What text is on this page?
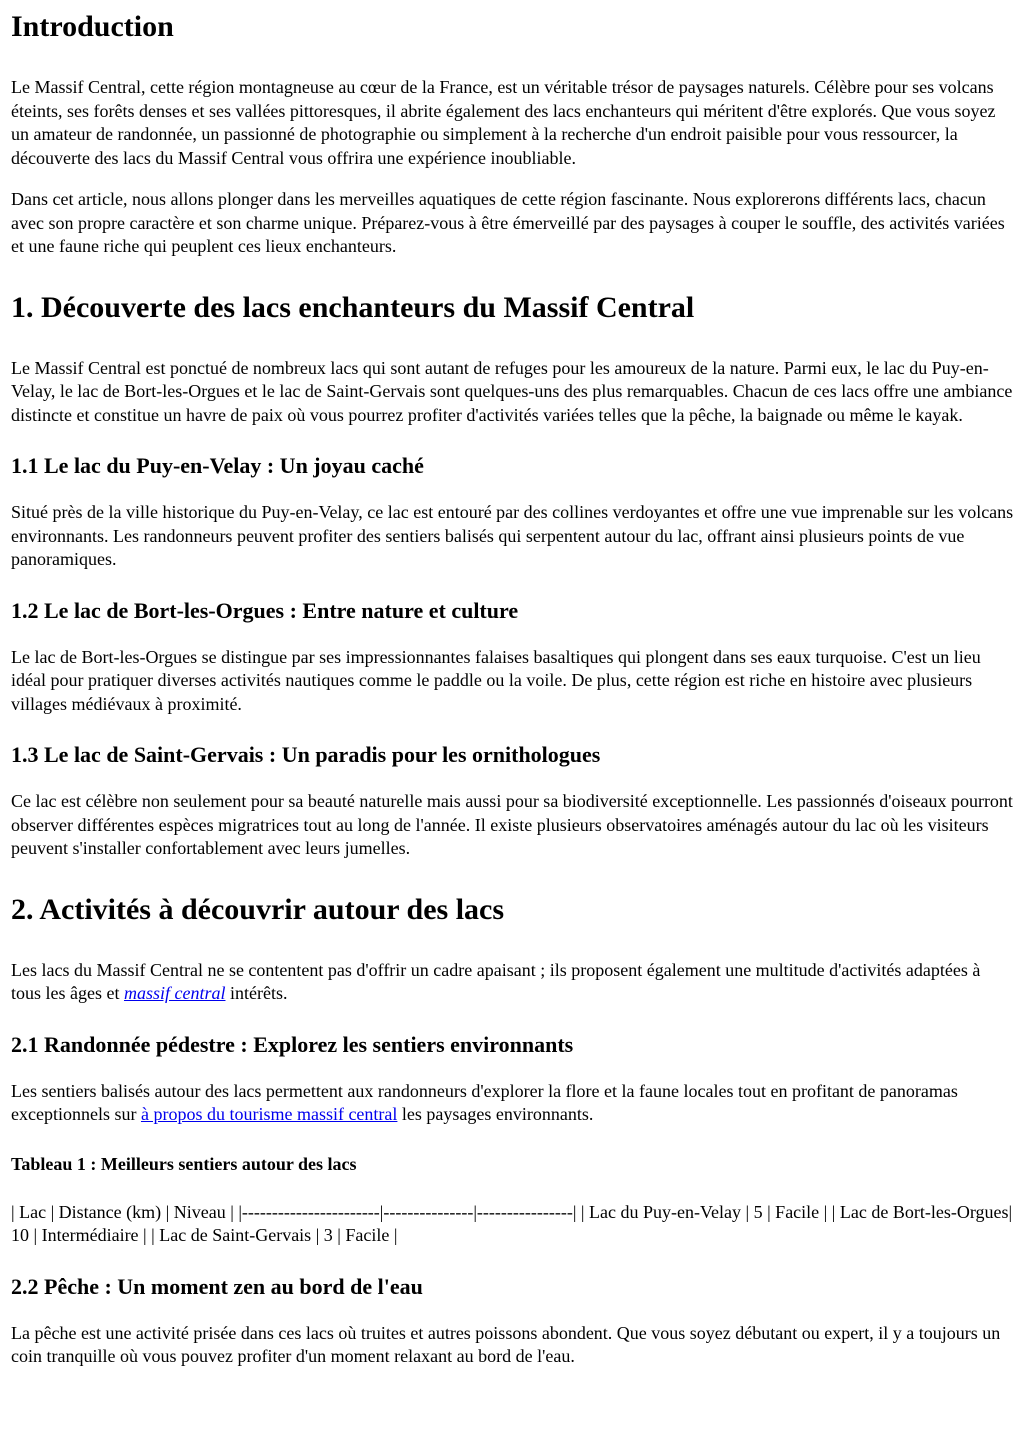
Introduction

Le Massif Central, cette région montagneuse au cœur de la France, est un véritable trésor de paysages naturels. Célèbre pour ses volcans éteints, ses forêts denses et ses vallées pittoresques, il abrite également des lacs enchanteurs qui méritent d'être explorés. Que vous soyez un amateur de randonnée, un passionné de photographie ou simplement à la recherche d'un endroit paisible pour vous ressourcer, la découverte des lacs du Massif Central vous offrira une expérience inoubliable.

Dans cet article, nous allons plonger dans les merveilles aquatiques de cette région fascinante. Nous explorerons différents lacs, chacun avec son propre caractère et son charme unique. Préparez-vous à être émerveillé par des paysages à couper le souffle, des activités variées et une faune riche qui peuplent ces lieux enchanteurs.

1. Découverte des lacs enchanteurs du Massif Central

Le Massif Central est ponctué de nombreux lacs qui sont autant de refuges pour les amoureux de la nature. Parmi eux, le lac du Puy-en-Velay, le lac de Bort-les-Orgues et le lac de Saint-Gervais sont quelques-uns des plus remarquables. Chacun de ces lacs offre une ambiance distincte et constitue un havre de paix où vous pourrez profiter d'activités variées telles que la pêche, la baignade ou même le kayak.

1.1 Le lac du Puy-en-Velay : Un joyau caché

Situé près de la ville historique du Puy-en-Velay, ce lac est entouré par des collines verdoyantes et offre une vue imprenable sur les volcans environnants. Les randonneurs peuvent profiter des sentiers balisés qui serpentent autour du lac, offrant ainsi plusieurs points de vue panoramiques.

1.2 Le lac de Bort-les-Orgues : Entre nature et culture

Le lac de Bort-les-Orgues se distingue par ses impressionnantes falaises basaltiques qui plongent dans ses eaux turquoise. C'est un lieu idéal pour pratiquer diverses activités nautiques comme le paddle ou la voile. De plus, cette région est riche en histoire avec plusieurs villages médiévaux à proximité.

1.3 Le lac de Saint-Gervais : Un paradis pour les ornithologues

Ce lac est célèbre non seulement pour sa beauté naturelle mais aussi pour sa biodiversité exceptionnelle. Les passionnés d'oiseaux pourront observer différentes espèces migratrices tout au long de l'année. Il existe plusieurs observatoires aménagés autour du lac où les visiteurs peuvent s'installer confortablement avec leurs jumelles.

2. Activités à découvrir autour des lacs

Les lacs du Massif Central ne se contentent pas d'offrir un cadre apaisant ; ils proposent également une multitude d'activités adaptées à tous les âges et massif central intérêts.

2.1 Randonnée pédestre : Explorez les sentiers environnants

Les sentiers balisés autour des lacs permettent aux randonneurs d'explorer la flore et la faune locales tout en profitant de panoramas exceptionnels sur à propos du tourisme massif central les paysages environnants.

Tableau 1 : Meilleurs sentiers autour des lacs

| Lac | Distance (km) | Niveau | |-----------------------|---------------|----------------| | Lac du Puy-en-Velay | 5 | Facile | | Lac de Bort-les-Orgues| 10 | Intermédiaire | | Lac de Saint-Gervais | 3 | Facile |

2.2 Pêche : Un moment zen au bord de l'eau

La pêche est une activité prisée dans ces lacs où truites et autres poissons abondent. Que vous soyez débutant ou expert, il y a toujours un coin tranquille où vous pouvez profiter d'un moment relaxant au bord de l'eau.
